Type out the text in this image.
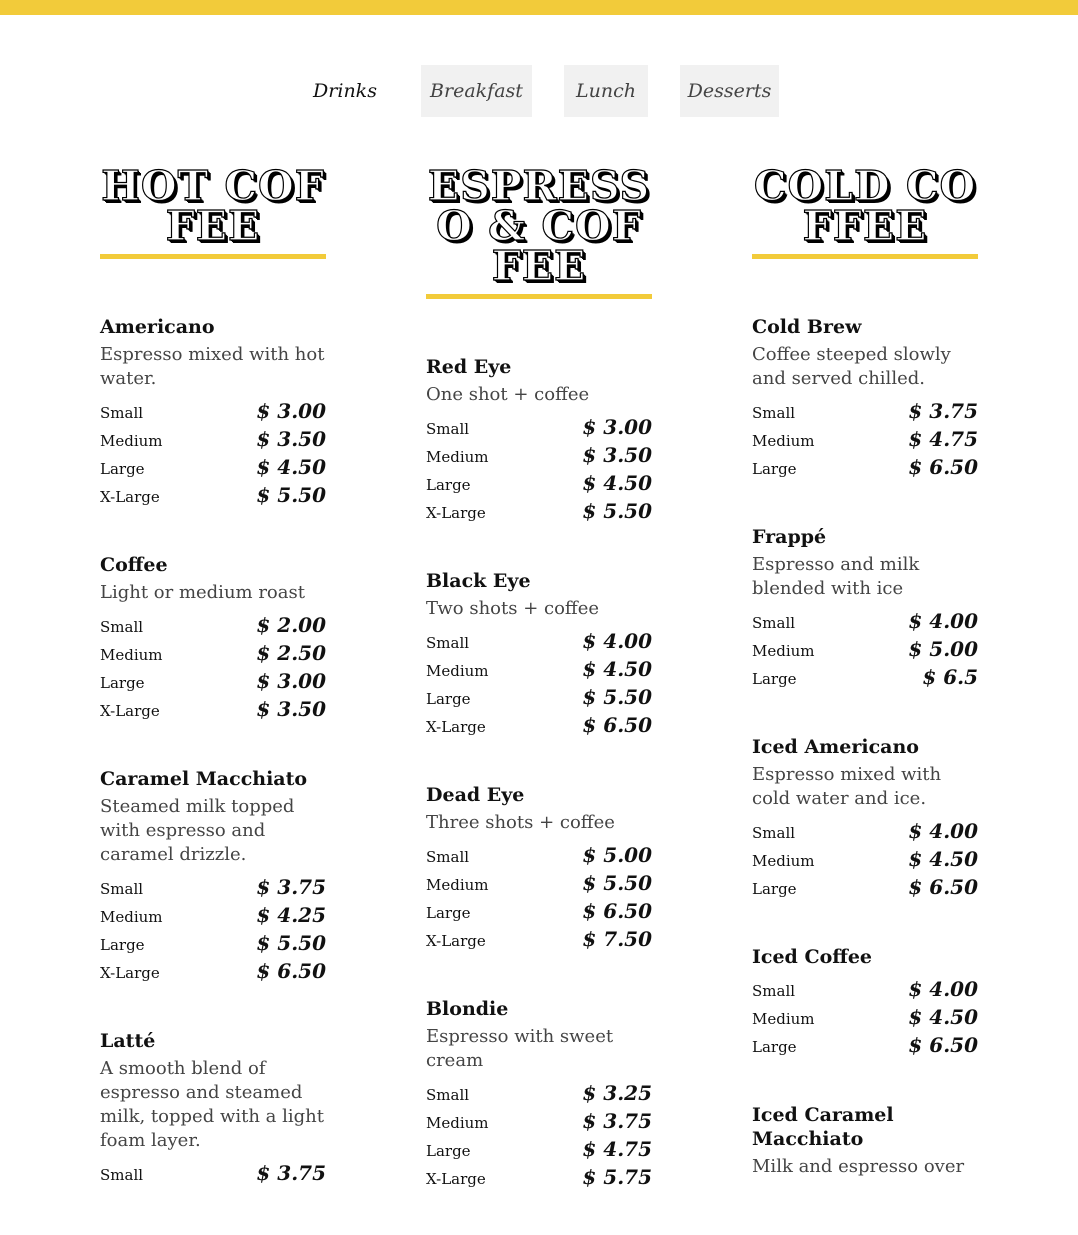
Drinks	Breakfast	Lunch	Desserts
HOT COFFEE
Americano
Espresso mixed with hot water.
Small	$ 3.00
Medium	$ 3.50
Large	$ 4.50
X-Large	$ 5.50
Coffee
Light or medium roast
Small	$ 2.00
Medium	$ 2.50
Large	$ 3.00
X-Large	$ 3.50
Caramel Macchiato
Steamed milk topped with espresso and caramel drizzle.
Small	$ 3.75
Medium	$ 4.25
Large	$ 5.50
X-Large	$ 6.50
Latté
A smooth blend of espresso and steamed milk, topped with a light foam layer.
Small	$ 3.75
ESPRESSO & COFFEE
Red Eye
One shot + coffee
Small	$ 3.00
Medium	$ 3.50
Large	$ 4.50
X-Large	$ 5.50
Black Eye
Two shots + coffee
Small	$ 4.00
Medium	$ 4.50
Large	$ 5.50
X-Large	$ 6.50
Dead Eye
Three shots + coffee
Small	$ 5.00
Medium	$ 5.50
Large	$ 6.50
X-Large	$ 7.50
Blondie
Espresso with sweet cream
Small	$ 3.25
Medium	$ 3.75
Large	$ 4.75
X-Large	$ 5.75
COLD COFFEE
Cold Brew
Coffee steeped slowly and served chilled.
Small	$ 3.75
Medium	$ 4.75
Large	$ 6.50
Frappé
Espresso and milk blended with ice
Small	$ 4.00
Medium	$ 5.00
Large	$ 6.5
Iced Americano
Espresso mixed with cold water and ice.
Small	$ 4.00
Medium	$ 4.50
Large	$ 6.50
Iced Coffee
Small	$ 4.00
Medium	$ 4.50
Large	$ 6.50
Iced Caramel Macchiato
Milk and espresso over
